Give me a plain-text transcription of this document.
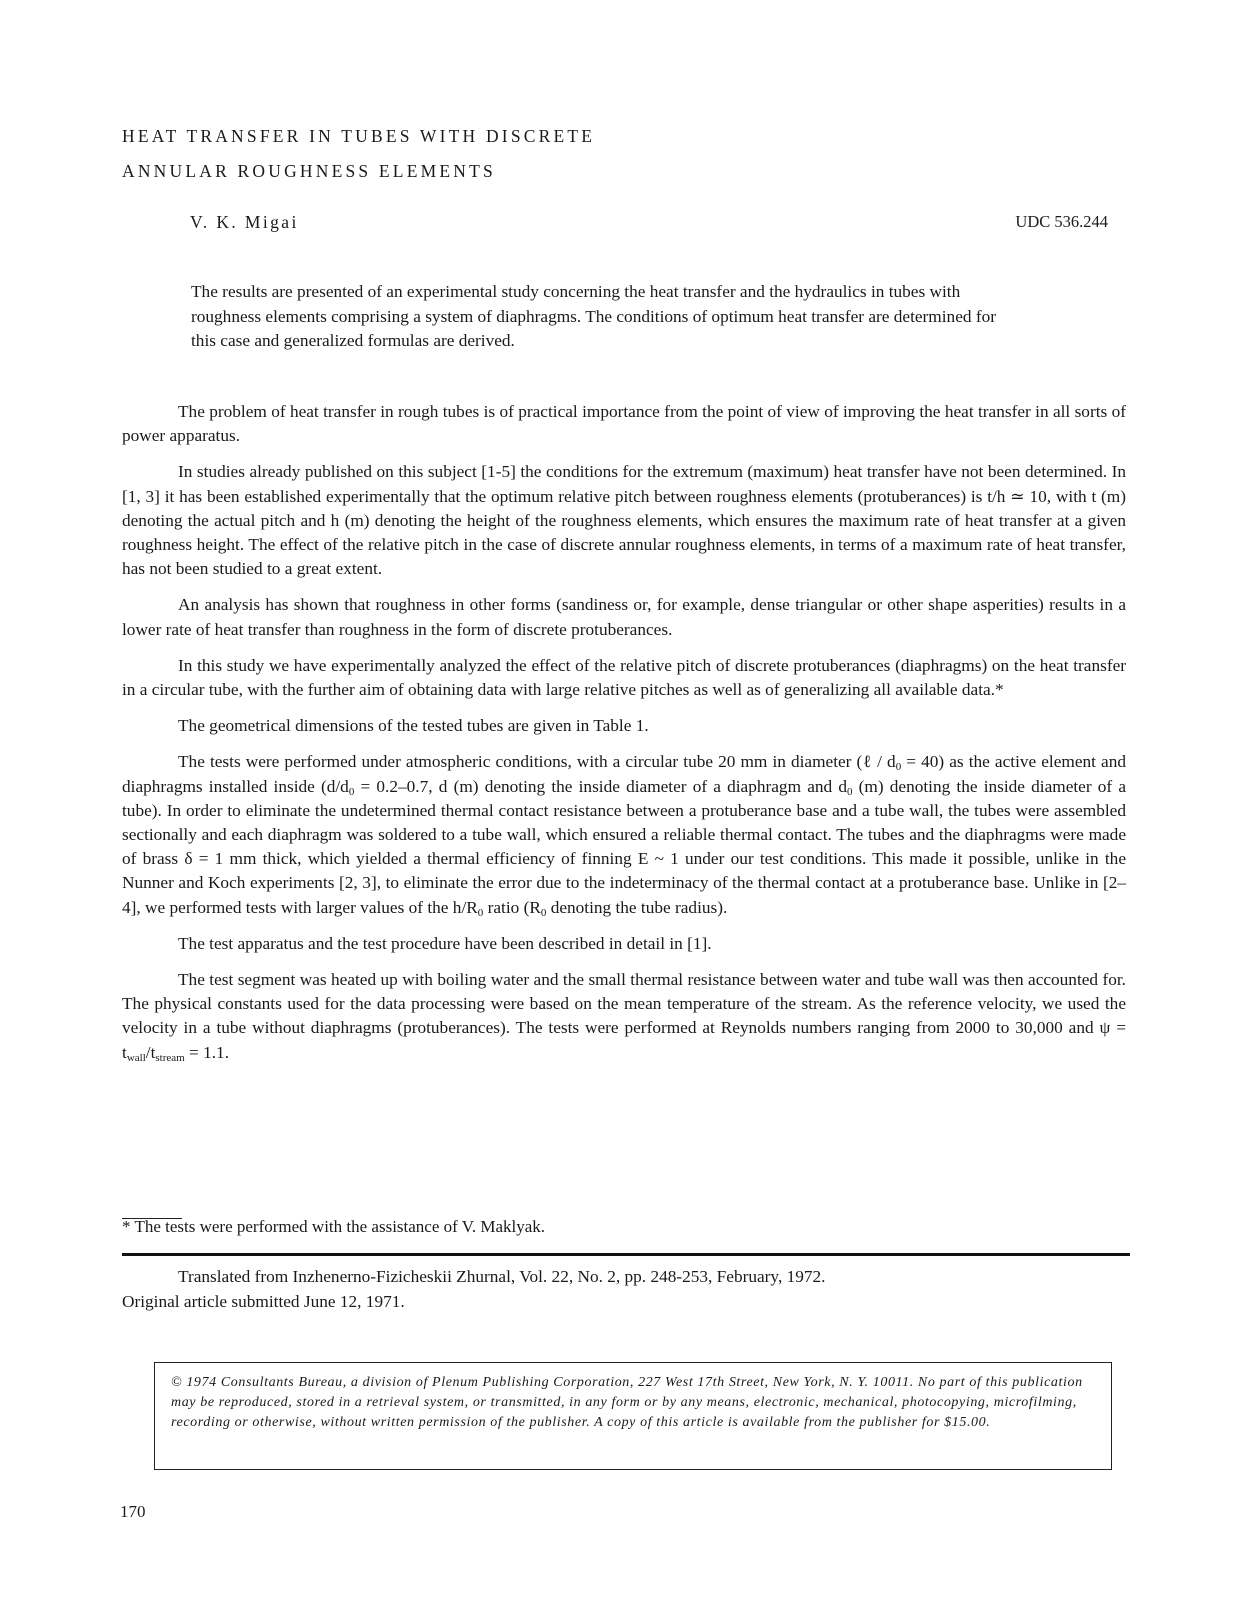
HEAT TRANSFER IN TUBES WITH DISCRETE
ANNULAR ROUGHNESS ELEMENTS
V. K. Migai	UDC 536.244
The results are presented of an experimental study concerning the heat transfer and the hydraulics in tubes with roughness elements comprising a system of diaphragms. The conditions of optimum heat transfer are determined for this case and generalized formulas are derived.

The problem of heat transfer in rough tubes is of practical importance from the point of view of improving the heat transfer in all sorts of power apparatus.

In studies already published on this subject [1-5] the conditions for the extremum (maximum) heat transfer have not been determined. In [1, 3] it has been established experimentally that the optimum relative pitch between roughness elements (protuberances) is t/h ≃ 10, with t (m) denoting the actual pitch and h (m) denoting the height of the roughness elements, which ensures the maximum rate of heat transfer at a given roughness height. The effect of the relative pitch in the case of discrete annular roughness elements, in terms of a maximum rate of heat transfer, has not been studied to a great extent.

An analysis has shown that roughness in other forms (sandiness or, for example, dense triangular or other shape asperities) results in a lower rate of heat transfer than roughness in the form of discrete protuberances.

In this study we have experimentally analyzed the effect of the relative pitch of discrete protuberances (diaphragms) on the heat transfer in a circular tube, with the further aim of obtaining data with large relative pitches as well as of generalizing all available data.*

The geometrical dimensions of the tested tubes are given in Table 1.

The tests were performed under atmospheric conditions, with a circular tube 20 mm in diameter (ℓ / $d_0 = 40$) as the active element and diaphragms installed inside ($d/d_0 = 0.2-0.7$, d (m) denoting the inside diameter of a diaphragm and $d_0$ (m) denoting the inside diameter of a tube). In order to eliminate the undetermined thermal contact resistance between a protuberance base and a tube wall, the tubes were assembled sectionally and each diaphragm was soldered to a tube wall, which ensured a reliable thermal contact. The tubes and the diaphragms were made of brass δ = 1 mm thick, which yielded a thermal efficiency of finning E ~ 1 under our test conditions. This made it possible, unlike in the Nunner and Koch experiments [2, 3], to eliminate the error due to the indeterminacy of the thermal contact at a protuberance base. Unlike in [2–4], we performed tests with larger values of the $h/R_0$ ratio ($R_0$ denoting the tube radius).

The test apparatus and the test procedure have been described in detail in [1].

The test segment was heated up with boiling water and the small thermal resistance between water and tube wall was then accounted for. The physical constants used for the data processing were based on the mean temperature of the stream. As the reference velocity, we used the velocity in a tube without diaphragms (protuberances). The tests were performed at Reynolds numbers ranging from 2000 to 30,000 and $\psi = t_{wall}/t_{stream} = 1.1$.

* The tests were performed with the assistance of V. Maklyak.
Translated from Inzhenerno-Fizicheskii Zhurnal, Vol. 22, No. 2, pp. 248-253, February, 1972.
Original article submitted June 12, 1971.
© 1974 Consultants Bureau, a division of Plenum Publishing Corporation, 227 West 17th Street, New York, N. Y. 10011. No part of this publication may be reproduced, stored in a retrieval system, or transmitted, in any form or by any means, electronic, mechanical, photocopying, microfilming, recording or otherwise, without written permission of the publisher. A copy of this article is available from the publisher for $15.00.
170
